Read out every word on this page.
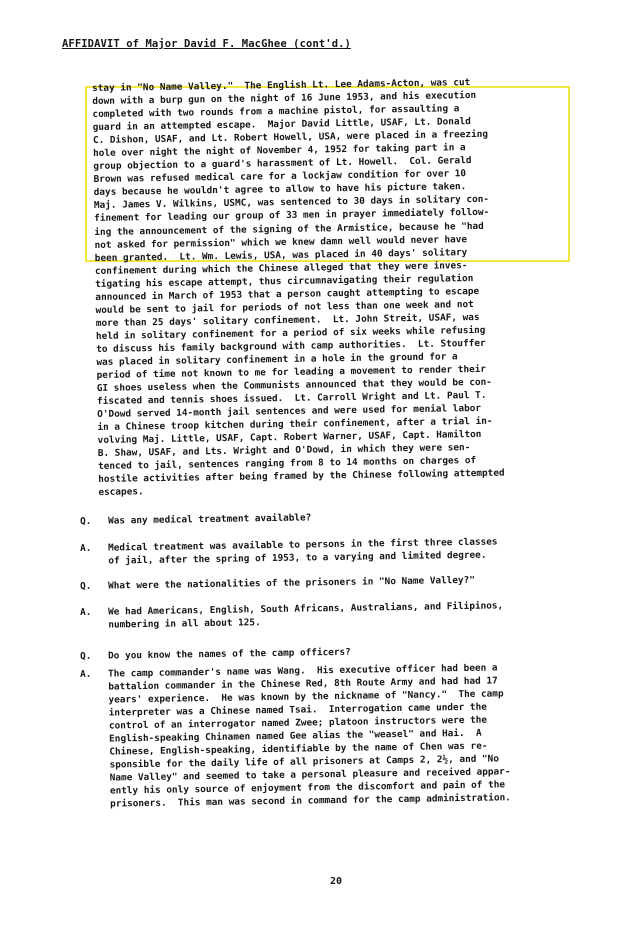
AFFIDAVIT of Major David F. MacGhee (cont'd.)
stay in "No Name Valley."  The English Lt. Lee Adams-Acton, was cut
down with a burp gun on the night of 16 June 1953, and his execution
completed with two rounds from a machine pistol, for assaulting a
guard in an attempted escape.  Major David Little, USAF, Lt. Donald
C. Dishon, USAF, and Lt. Robert Howell, USA, were placed in a freezing
hole over night the night of November 4, 1952 for taking part in a
group objection to a guard's harassment of Lt. Howell.  Col. Gerald
Brown was refused medical care for a lockjaw condition for over 10
days because he wouldn't agree to allow to have his picture taken.
Maj. James V. Wilkins, USMC, was sentenced to 30 days in solitary con-
finement for leading our group of 33 men in prayer immediately follow-
ing the announcement of the signing of the Armistice, because he "had
not asked for permission" which we knew damn well would never have
been granted.  Lt. Wm. Lewis, USA, was placed in 40 days' solitary
confinement during which the Chinese alleged that they were inves-
tigating his escape attempt, thus circumnavigating their regulation
announced in March of 1953 that a person caught attempting to escape
would be sent to jail for periods of not less than one week and not
more than 25 days' solitary confinement.  Lt. John Streit, USAF, was
held in solitary confinement for a period of six weeks while refusing
to discuss his family background with camp authorities.  Lt. Stouffer
was placed in solitary confinement in a hole in the ground for a
period of time not known to me for leading a movement to render their
GI shoes useless when the Communists announced that they would be con-
fiscated and tennis shoes issued.  Lt. Carroll Wright and Lt. Paul T.
O'Dowd served 14-month jail sentences and were used for menial labor
in a Chinese troop kitchen during their confinement, after a trial in-
volving Maj. Little, USAF, Capt. Robert Warner, USAF, Capt. Hamilton
B. Shaw, USAF, and Lts. Wright and O'Dowd, in which they were sen-
tenced to jail, sentences ranging from 8 to 14 months on charges of
hostile activities after being framed by the Chinese following attempted
escapes.
Q.	Was any medical treatment available?
A.	Medical treatment was available to persons in the first three classes
of jail, after the spring of 1953, to a varying and limited degree.
Q.	What were the nationalities of the prisoners in "No Name Valley?"
A.	We had Americans, English, South Africans, Australians, and Filipinos,
numbering in all about 125.
Q.	Do you know the names of the camp officers?
A.	The camp commander's name was Wang.  His executive officer had been a
battalion commander in the Chinese Red, 8th Route Army and had had 17
years' experience.  He was known by the nickname of "Nancy."  The camp
interpreter was a Chinese named Tsai.  Interrogation came under the
control of an interrogator named Zwee; platoon instructors were the
English-speaking Chinamen named Gee alias the "weasel" and Hai.  A
Chinese, English-speaking, identifiable by the name of Chen was re-
sponsible for the daily life of all prisoners at Camps 2, 2½, and "No
Name Valley" and seemed to take a personal pleasure and received appar-
ently his only source of enjoyment from the discomfort and pain of the
prisoners.  This man was second in command for the camp administration.
20
